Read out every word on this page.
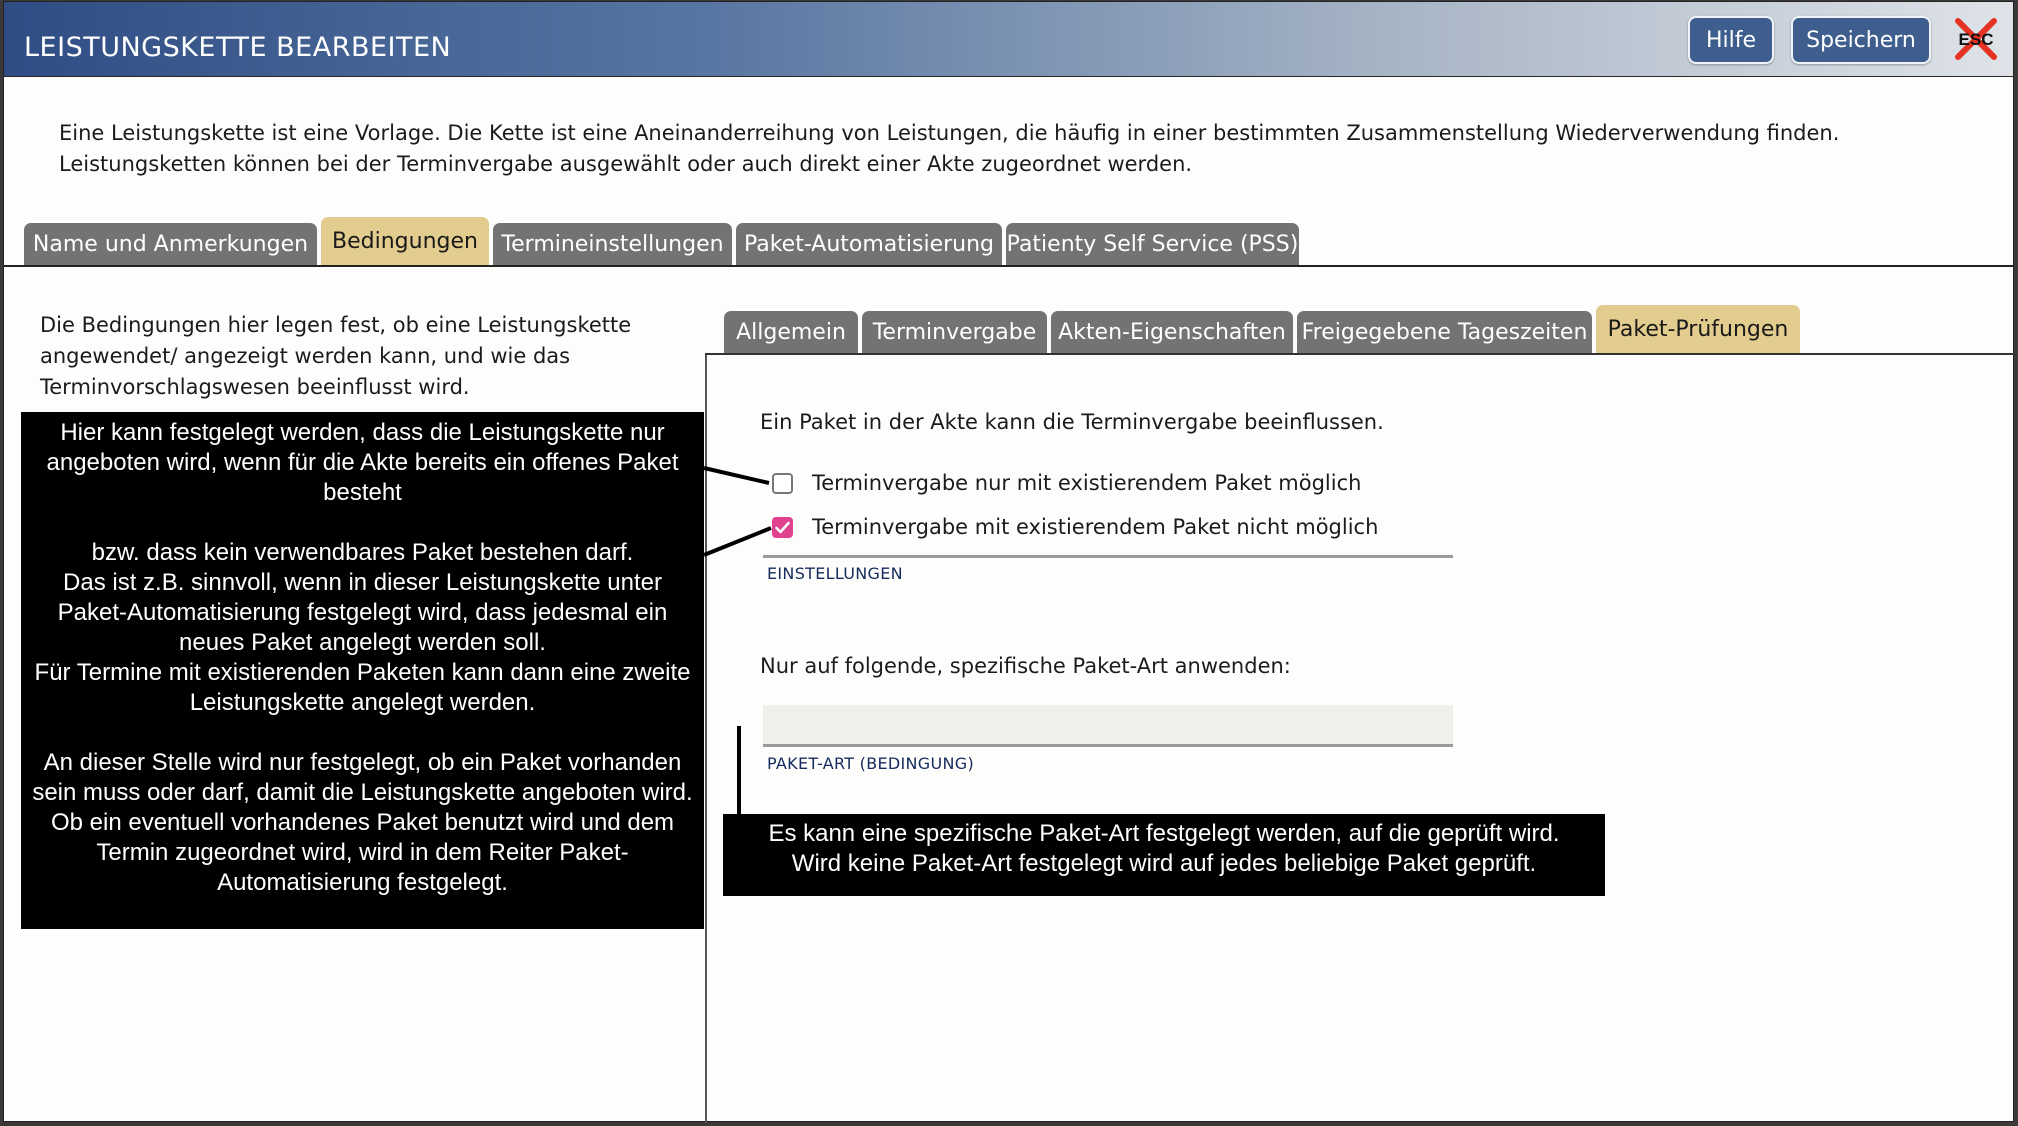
LEISTUNGSKETTE BEARBEITEN	Hilfe	Speichern	ESC
Eine Leistungskette ist eine Vorlage. Die Kette ist eine Aneinanderreihung von Leistungen, die häufig in einer bestimmten Zusammenstellung Wiederverwendung finden. Leistungsketten können bei der Terminvergabe ausgewählt oder auch direkt einer Akte zugeordnet werden.
Name und Anmerkungen	Bedingungen	Termineinstellungen Paket-Automatisierung Patienty Self Service (PSS)
Die Bedingungen hier legen fest, ob eine Leistungskette angewendet/ angezeigt werden kann, und wie das Terminvorschlagswesen beeinflusst wird.
Allgemein	Terminvergabe Akten-Eigenschaften Freigegebene Tageszeiten Paket-Prüfungen
Ein Paket in der Akte kann die Terminvergabe beeinflussen.
Terminvergabe nur mit existierendem Paket möglich
Terminvergabe mit existierendem Paket nicht möglich
EINSTELLUNGEN
Nur auf folgende, spezifische Paket-Art anwenden:
PAKET-ART (BEDINGUNG)
Hier kann festgelegt werden, dass die Leistungskette nur angeboten wird, wenn für die Akte bereits ein offenes Paket besteht

bzw. dass kein verwendbares Paket bestehen darf.
Das ist z.B. sinnvoll, wenn in dieser Leistungskette unter Paket-Automatisierung festgelegt wird, dass jedesmal ein neues Paket angelegt werden soll.
Für Termine mit existierenden Paketen kann dann eine zweite Leistungskette angelegt werden.

An dieser Stelle wird nur festgelegt, ob ein Paket vorhanden sein muss oder darf, damit die Leistungskette angeboten wird. Ob ein eventuell vorhandenes Paket benutzt wird und dem Termin zugeordnet wird, wird in dem Reiter Paket-Automatisierung festgelegt.
Es kann eine spezifische Paket-Art festgelegt werden, auf die geprüft wird.
Wird keine Paket-Art festgelegt wird auf jedes beliebige Paket geprüft.
